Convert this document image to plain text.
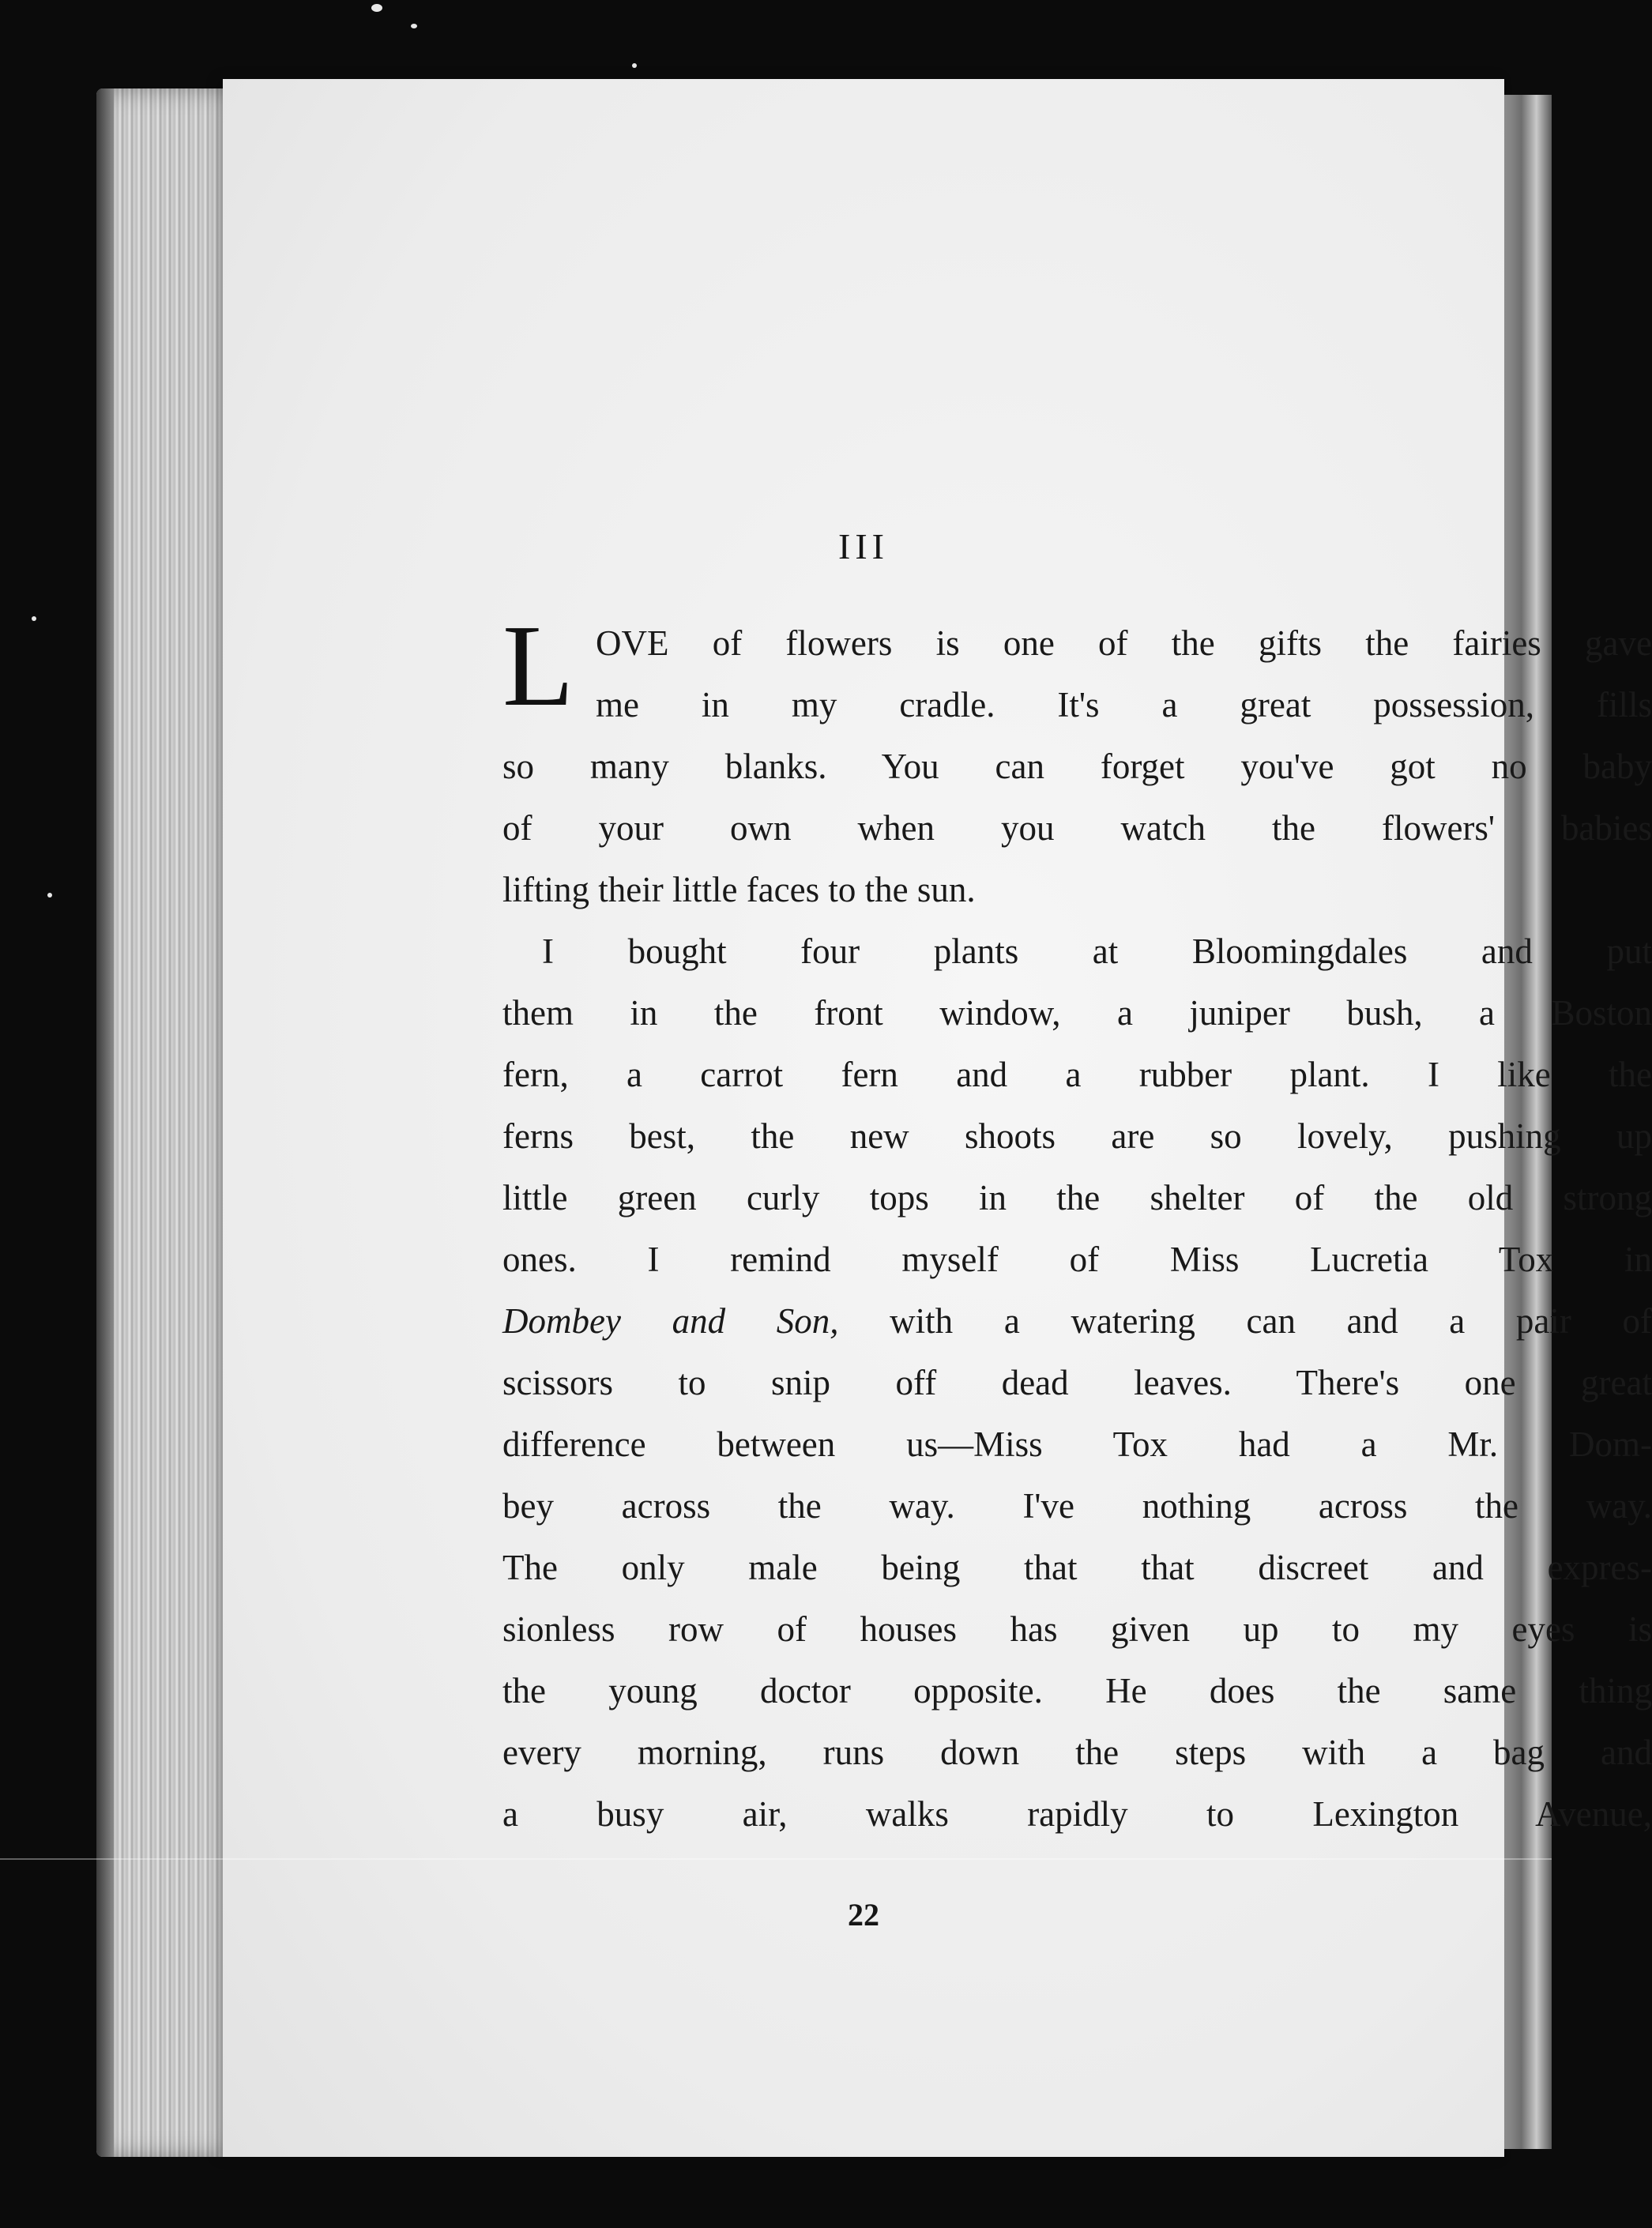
III
L OVE of flowers is one of the gifts the fairies gave
me in my cradle. It's a great possession, fills
so many blanks. You can forget you've got no baby
of your own when you watch the flowers' babies
lifting their little faces to the sun.
I bought four plants at Bloomingdales and put
them in the front window, a juniper bush, a Boston
fern, a carrot fern and a rubber plant. I like the
ferns best, the new shoots are so lovely, pushing up
little green curly tops in the shelter of the old strong
ones. I remind myself of Miss Lucretia Tox in
Dombey and Son, with a watering can and a pair of
scissors to snip off dead leaves. There's one great
difference between us—Miss Tox had a Mr. Dom-
bey across the way. I've nothing across the way.
The only male being that that discreet and expres-
sionless row of houses has given up to my eyes is
the young doctor opposite. He does the same thing
every morning, runs down the steps with a bag and
a busy air, walks rapidly to Lexington Avenue,
22
